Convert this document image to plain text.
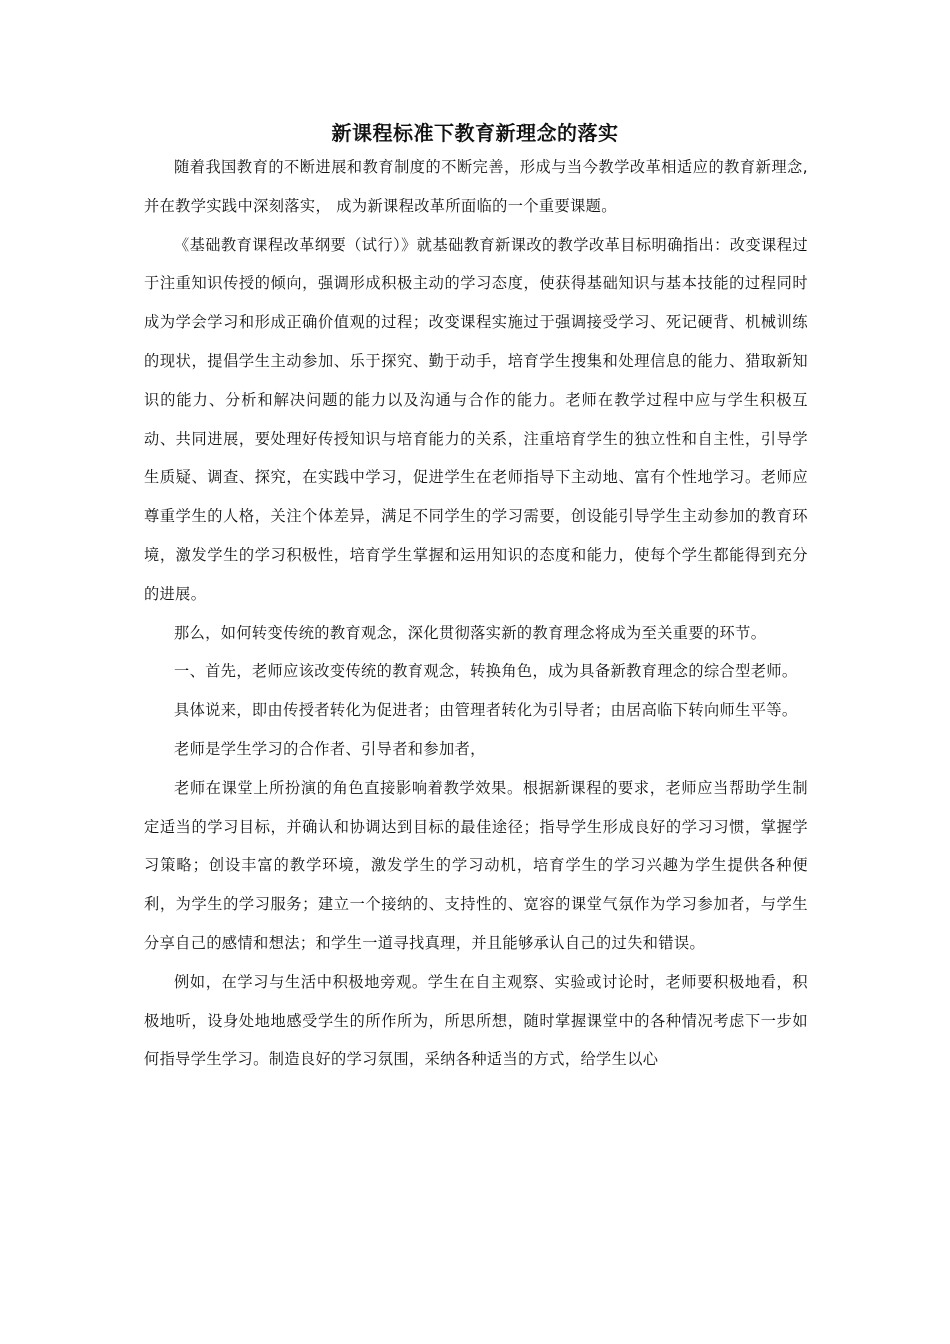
新课程标准下教育新理念的落实

随着我国教育的不断进展和教育制度的不断完善，形成与当今教学改革相适应的教育新理念,并在教学实践中深刻落实， 成为新课程改革所面临的一个重要课题。

《基础教育课程改革纲要（试行）》就基础教育新课改的教学改革目标明确指出：改变课程过于注重知识传授的倾向，强调形成积极主动的学习态度，使获得基础知识与基本技能的过程同时成为学会学习和形成正确价值观的过程；改变课程实施过于强调接受学习、死记硬背、机械训练的现状，提倡学生主动参加、乐于探究、勤于动手，培育学生搜集和处理信息的能力、猎取新知识的能力、分析和解决问题的能力以及沟通与合作的能力。老师在教学过程中应与学生积极互动、共同进展，要处理好传授知识与培育能力的关系，注重培育学生的独立性和自主性，引导学生质疑、调查、探究，在实践中学习，促进学生在老师指导下主动地、富有个性地学习。老师应尊重学生的人格，关注个体差异，满足不同学生的学习需要，创设能引导学生主动参加的教育环境，激发学生的学习积极性，培育学生掌握和运用知识的态度和能力，使每个学生都能得到充分的进展。

那么，如何转变传统的教育观念，深化贯彻落实新的教育理念将成为至关重要的环节。

一、首先，老师应该改变传统的教育观念，转换角色，成为具备新教育理念的综合型老师。

具体说来，即由传授者转化为促进者；由管理者转化为引导者；由居高临下转向师生平等。

老师是学生学习的合作者、引导者和参加者，

老师在课堂上所扮演的角色直接影响着教学效果。根据新课程的要求，老师应当帮助学生制定适当的学习目标，并确认和协调达到目标的最佳途径；指导学生形成良好的学习习惯，掌握学习策略；创设丰富的教学环境，激发学生的学习动机，培育学生的学习兴趣为学生提供各种便利，为学生的学习服务；建立一个接纳的、支持性的、宽容的课堂气氛作为学习参加者，与学生分享自己的感情和想法；和学生一道寻找真理，并且能够承认自己的过失和错误。

例如，在学习与生活中积极地旁观。学生在自主观察、实验或讨论时，老师要积极地看，积极地听，设身处地地感受学生的所作所为，所思所想，随时掌握课堂中的各种情况考虑下一步如何指导学生学习。制造良好的学习氛围，采纳各种适当的方式，给学生以心
